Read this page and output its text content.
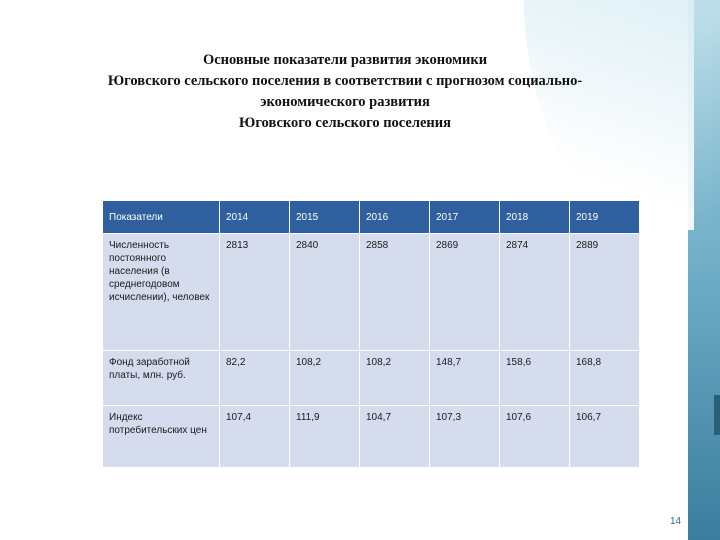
Основные показатели развития экономики
Юговского сельского поселения в соответствии с прогнозом социально-
экономического развития
Юговского сельского поселения
Показатели	2014	2015	2016	2017	2018	2019
Численность постоянного населения (в среднегодовом исчислении), человек	2813	2840	2858	2869	2874	2889
Фонд заработной платы, млн. руб.	82,2	108,2	108,2	148,7	158,6	168,8
Индекс потребительских цен	107,4	111,9	104,7	107,3	107,6	106,7
14
